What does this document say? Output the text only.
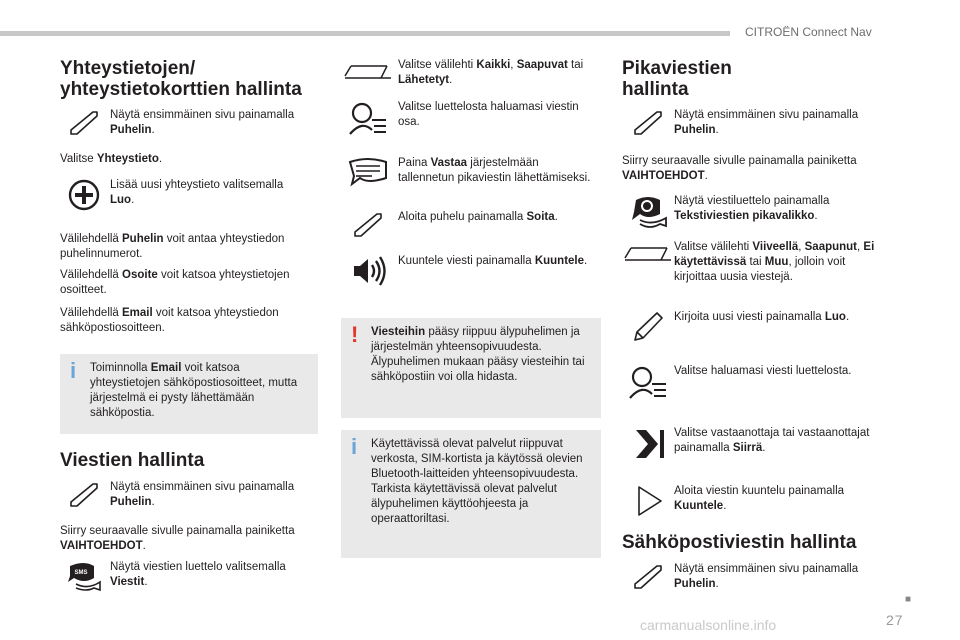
CITROËN Connect Nav
■
27
Yhteystietojen/ yhteystietokorttien hallinta
Näytä ensimmäinen sivu painamalla Puhelin.
Valitse Yhteystieto.
Lisää uusi yhteystieto valitsemalla Luo.
Välilehdellä Puhelin voit antaa yhteystiedon puhelinnumerot.
Välilehdellä Osoite voit katsoa yhteystietojen osoitteet.
Välilehdellä Email voit katsoa yhteystiedon sähköpostiosoitteen.
i	Toiminnolla Email voit katsoa yhteystietojen sähköpostiosoitteet, mutta järjestelmä ei pysty lähettämään sähköpostia.
Viestien hallinta
Näytä ensimmäinen sivu painamalla Puhelin.
Siirry seuraavalle sivulle painamalla painiketta VAIHTOEHDOT.
SMS Näytä viestien luettelo valitsemalla Viestit.
Valitse välilehti Kaikki, Saapuvat tai Lähetetyt.
Valitse luettelosta haluamasi viestin osa.
Paina Vastaa järjestelmään tallennetun pikaviestin lähettämiseksi.
Aloita puhelu painamalla Soita.
Kuuntele viesti painamalla Kuuntele.
! Viesteihin pääsy riippuu älypuhelimen ja järjestelmän yhteensopivuudesta. Älypuhelimen mukaan pääsy viesteihin tai sähköpostiin voi olla hidasta.
i	Käytettävissä olevat palvelut riippuvat verkosta, SIM-kortista ja käytössä olevien Bluetooth-laitteiden yhteensopivuudesta. Tarkista käytettävissä olevat palvelut älypuhelimen käyttöohjeesta ja operaattoriltasi.
Pikaviestien hallinta
Näytä ensimmäinen sivu painamalla Puhelin.
Siirry seuraavalle sivulle painamalla painiketta VAIHTOEHDOT.
Näytä viestiluettelo painamalla Tekstiviestien pikavalikko.
Valitse välilehti Viiveellä, Saapunut, Ei käytettävissä tai Muu, jolloin voit kirjoittaa uusia viestejä.
Kirjoita uusi viesti painamalla Luo.
Valitse haluamasi viesti luettelosta.
Valitse vastaanottaja tai vastaanottajat painamalla Siirrä.
Aloita viestin kuuntelu painamalla Kuuntele.
Sähköpostiviestin hallinta
Näytä ensimmäinen sivu painamalla Puhelin.
carmanualsonline.info
